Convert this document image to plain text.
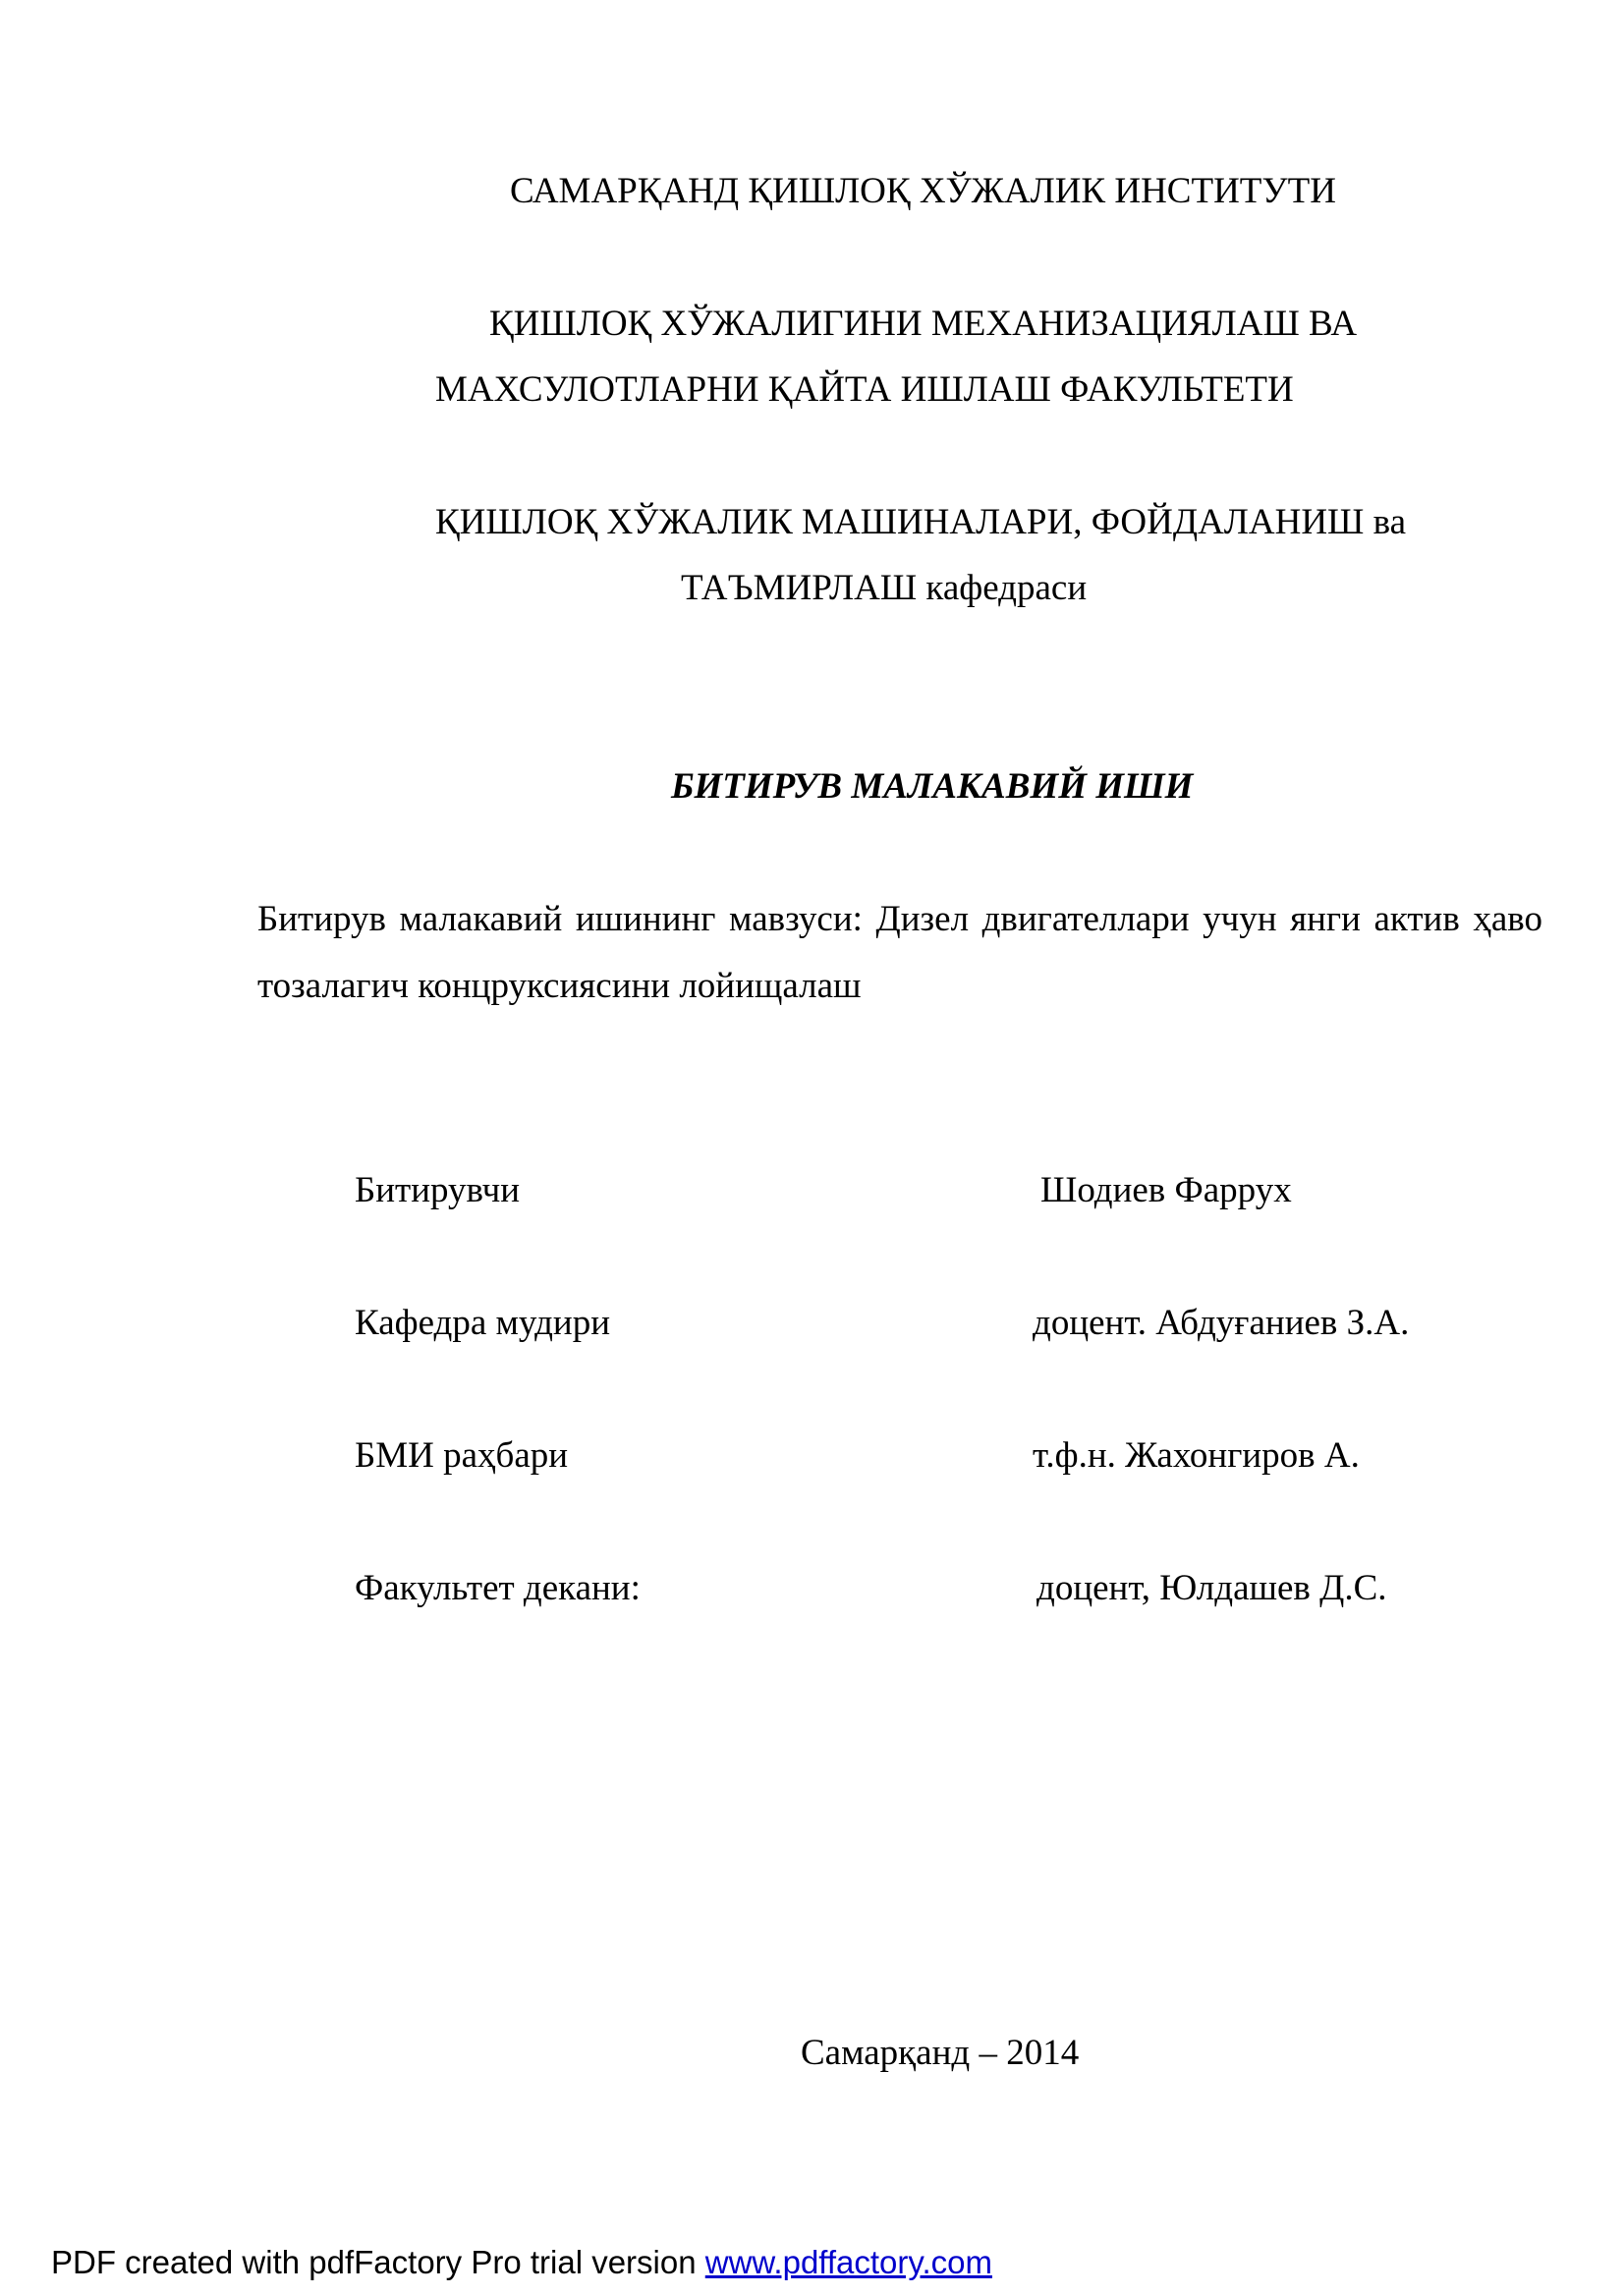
САМАРҚАНД ҚИШЛОҚ ХЎЖАЛИК ИНСТИТУТИ
ҚИШЛОҚ ХЎЖАЛИГИНИ МЕХАНИЗАЦИЯЛАШ ВА
МАХСУЛОТЛАРНИ ҚАЙТА ИШЛАШ ФАКУЛЬТЕТИ
ҚИШЛОҚ ХЎЖАЛИК МАШИНАЛАРИ, ФОЙДАЛАНИШ ва
ТАЪМИРЛАШ кафедраси
БИТИРУВ МАЛАКАВИЙ ИШИ
Битирув малакавий ишининг мавзуси: Дизел двигателлари учун янги актив ҳаво тозалагич концруксиясини лойищалаш
Битирувчи	Шодиев Фаррух
Кафедра мудири	доцент. Абдуғаниев З.А.
БМИ раҳбари	т.ф.н. Жахонгиров А.
Факультет декани:	доцент, Юлдашев Д.С.
Самарқанд – 2014
PDF created with pdfFactory Pro trial version www.pdffactory.com
